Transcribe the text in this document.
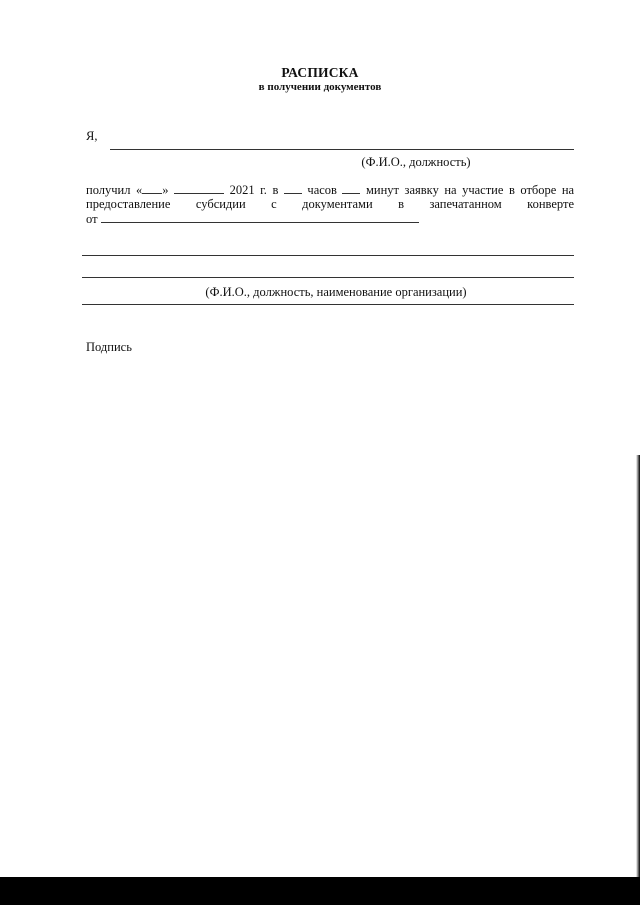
РАСПИСКА
в получении документов
Я,
(Ф.И.О., должность)
получил « »	2021 г. в часов минут заявку на участие в отборе на
предоставление субсидии с документами в запечатанном конверте
от
(Ф.И.О., должность, наименование организации)
Подпись
